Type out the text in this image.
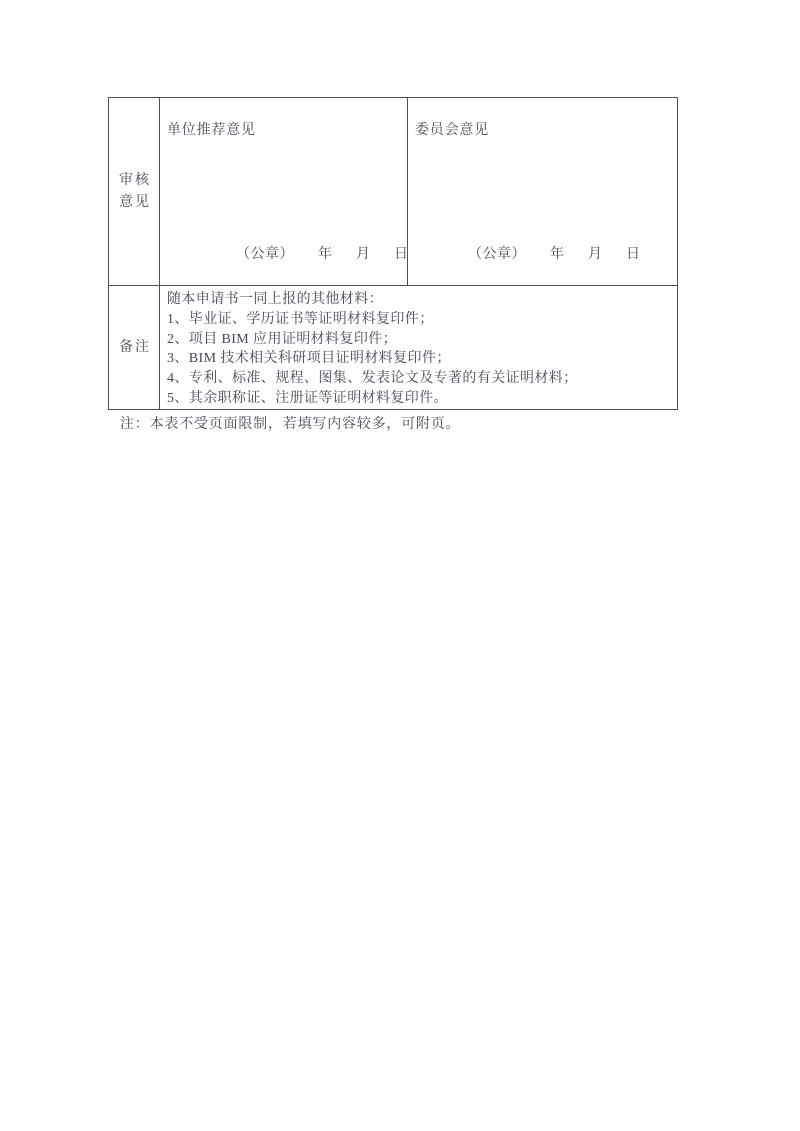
审核
意见
单位推荐意见
（公章） 年 月 日
委员会意见
（公章） 年 月 日
备注
随本申请书一同上报的其他材料：
1、毕业证、学历证书等证明材料复印件；
2、项目 BIM 应用证明材料复印件；
3、BIM 技术相关科研项目证明材料复印件；
4、专利、标准、规程、图集、发表论文及专著的有关证明材料；
5、其余职称证、注册证等证明材料复印件。
注：本表不受页面限制，若填写内容较多，可附页。
